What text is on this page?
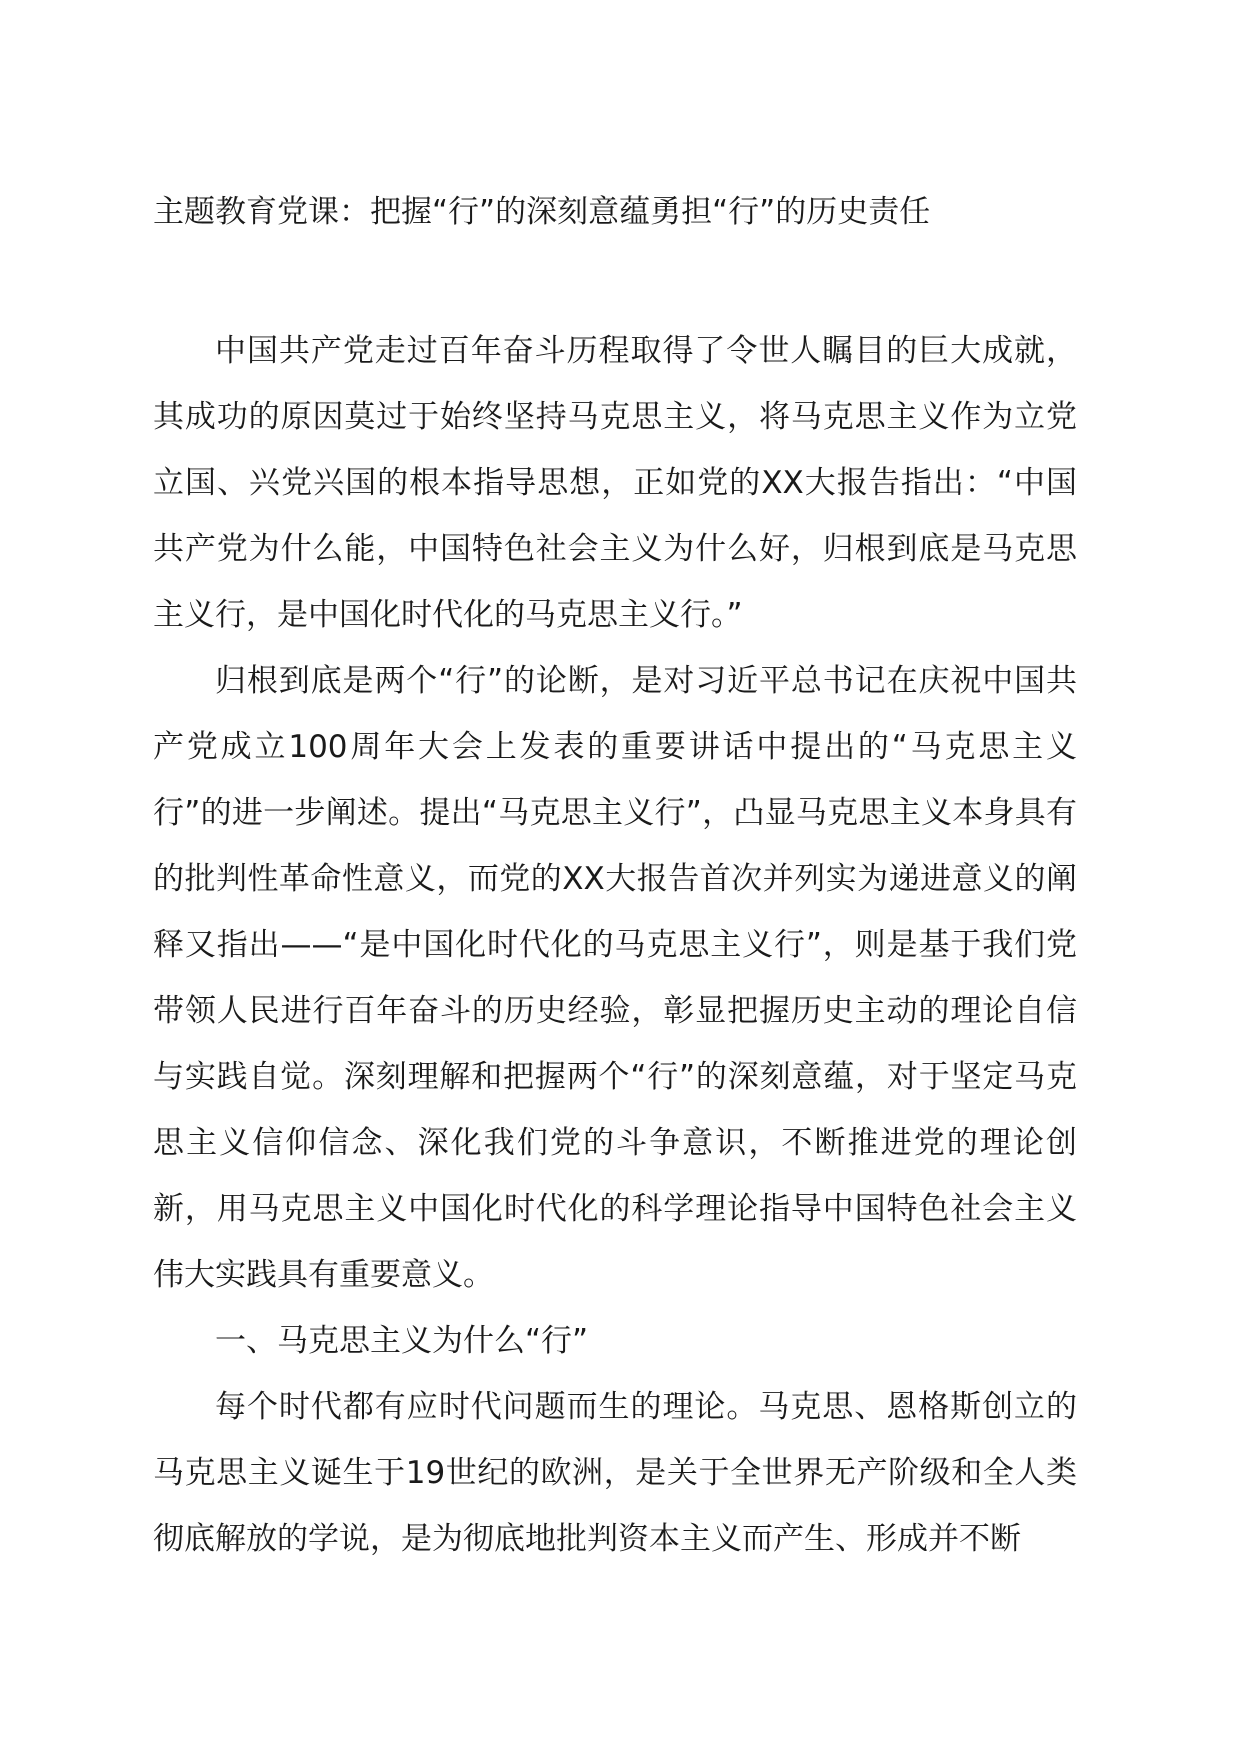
主题教育党课：把握“行”的深刻意蕴勇担“行”的历史责任

中国共产党走过百年奋斗历程取得了令世人瞩目的巨大成就，其成功的原因莫过于始终坚持马克思主义，将马克思主义作为立党立国、兴党兴国的根本指导思想，正如党的XX大报告指出：“中国共产党为什么能，中国特色社会主义为什么好，归根到底是马克思主义行，是中国化时代化的马克思主义行。”

归根到底是两个“行”的论断，是对习近平总书记在庆祝中国共产党成立100周年大会上发表的重要讲话中提出的“马克思主义行”的进一步阐述。提出“马克思主义行”，凸显马克思主义本身具有的批判性革命性意义，而党的XX大报告首次并列实为递进意义的阐释又指出——“是中国化时代化的马克思主义行”，则是基于我们党带领人民进行百年奋斗的历史经验，彰显把握历史主动的理论自信与实践自觉。深刻理解和把握两个“行”的深刻意蕴，对于坚定马克思主义信仰信念、深化我们党的斗争意识，不断推进党的理论创新，用马克思主义中国化时代化的科学理论指导中国特色社会主义伟大实践具有重要意义。

一、马克思主义为什么“行”

每个时代都有应时代问题而生的理论。马克思、恩格斯创立的马克思主义诞生于19世纪的欧洲，是关于全世界无产阶级和全人类彻底解放的学说，是为彻底地批判资本主义而产生、形成并不断
